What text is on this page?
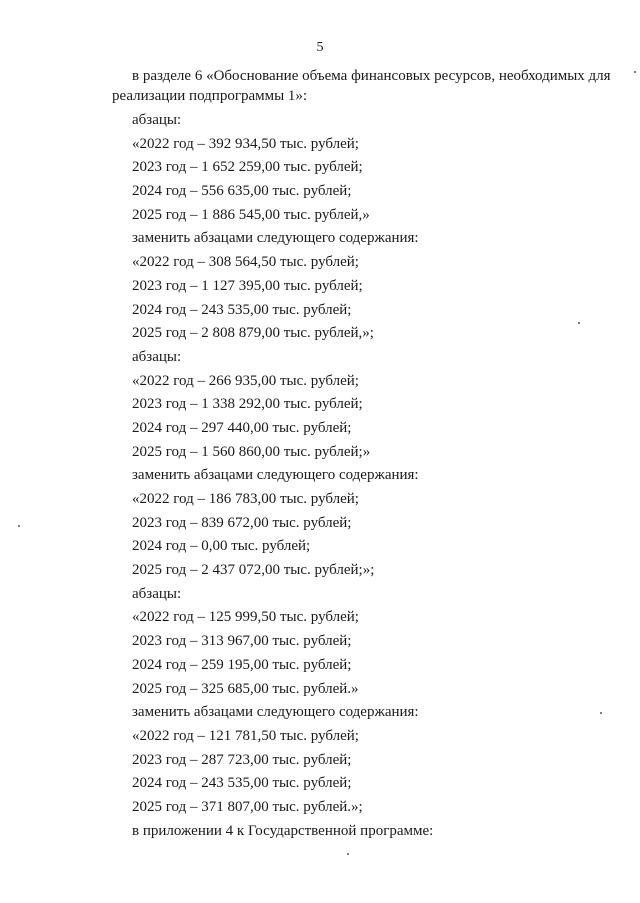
5
в разделе 6 «Обоснование объема финансовых ресурсов, необходимых для
реализации подпрограммы 1»:
абзацы:
«2022 год – 392 934,50 тыс. рублей;
2023 год – 1 652 259,00 тыс. рублей;
2024 год – 556 635,00 тыс. рублей;
2025 год – 1 886 545,00 тыс. рублей,»
заменить абзацами следующего содержания:
«2022 год – 308 564,50 тыс. рублей;
2023 год – 1 127 395,00 тыс. рублей;
2024 год – 243 535,00 тыс. рублей;
2025 год – 2 808 879,00 тыс. рублей,»;
абзацы:
«2022 год – 266 935,00 тыс. рублей;
2023 год – 1 338 292,00 тыс. рублей;
2024 год – 297 440,00 тыс. рублей;
2025 год – 1 560 860,00 тыс. рублей;»
заменить абзацами следующего содержания:
«2022 год – 186 783,00 тыс. рублей;
2023 год – 839 672,00 тыс. рублей;
2024 год – 0,00 тыс. рублей;
2025 год – 2 437 072,00 тыс. рублей;»;
абзацы:
«2022 год – 125 999,50 тыс. рублей;
2023 год – 313 967,00 тыс. рублей;
2024 год – 259 195,00 тыс. рублей;
2025 год – 325 685,00 тыс. рублей.»
заменить абзацами следующего содержания:
«2022 год – 121 781,50 тыс. рублей;
2023 год – 287 723,00 тыс. рублей;
2024 год – 243 535,00 тыс. рублей;
2025 год – 371 807,00 тыс. рублей.»;
в приложении 4 к Государственной программе:
